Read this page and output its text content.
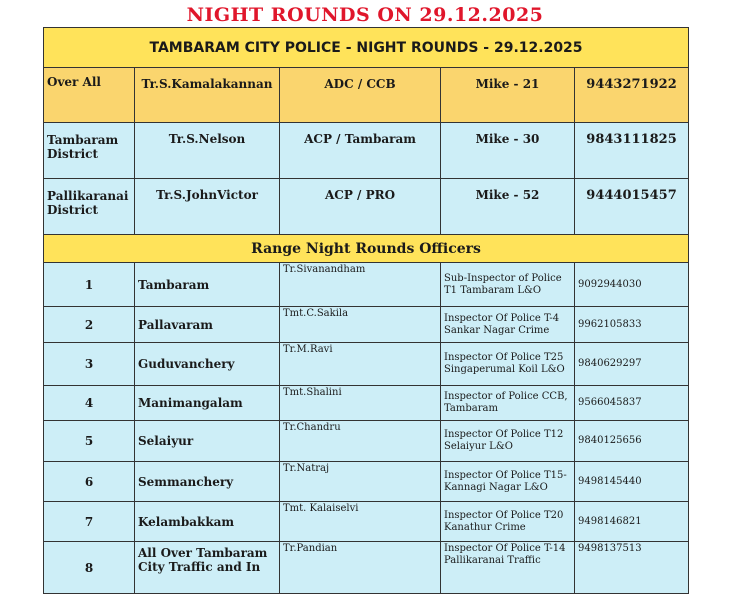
NIGHT ROUNDS ON 29.12.2025
TAMBARAM CITY POLICE - NIGHT ROUNDS - 29.12.2025				
Over All	Tr.S.Kamalakannan	ADC / CCB	Mike - 21	9443271922
Tambaram District	Tr.S.Nelson	ACP / Tambaram	Mike - 30	9843111825
Pallikaranai District	Tr.S.JohnVictor	ACP / PRO	Mike - 52	9444015457
Range Night Rounds Officers				
1	Tambaram	Tr.Sivanandham	Sub-Inspector of Police T1 Tambaram L&O	9092944030
2	Pallavaram	Tmt.C.Sakila	Inspector Of Police T-4 Sankar Nagar Crime	9962105833
3	Guduvanchery	Tr.M.Ravi	Inspector Of Police T25 Singaperumal Koil L&O	9840629297
4	Manimangalam	Tmt.Shalini	Inspector of Police CCB, Tambaram	9566045837
5	Selaiyur	Tr.Chandru	Inspector Of Police T12 Selaiyur L&O	9840125656
6	Semmanchery	Tr.Natraj	Inspector Of Police T15-Kannagi Nagar L&O	9498145440
7	Kelambakkam	Tmt. Kalaiselvi	Inspector Of Police T20 Kanathur Crime	9498146821
8	All Over Tambaram City Traffic and In	Tr.Pandian	Inspector Of Police T-14 Pallikaranai Traffic	9498137513
